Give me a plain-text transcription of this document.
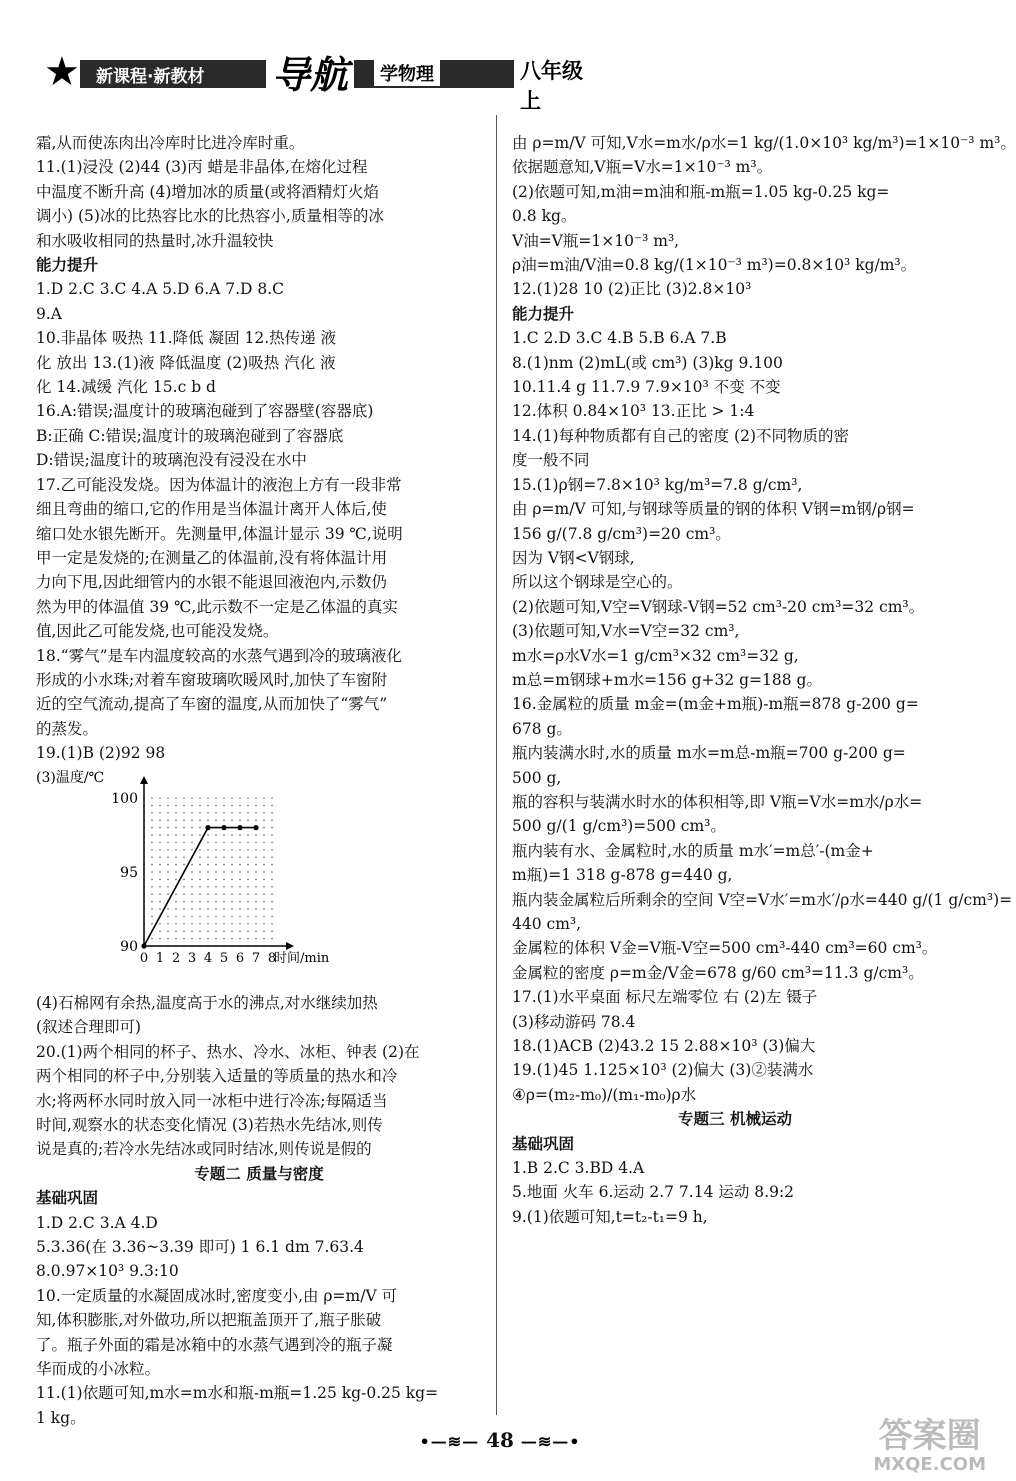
★ 新课程·新教材 导航	学物理	八年级上
霜,从而使冻肉出冷库时比进冷库时重。
11.(1)浸没 (2)44 (3)丙 蜡是非晶体,在熔化过程
中温度不断升高 (4)增加冰的质量(或将酒精灯火焰
调小) (5)冰的比热容比水的比热容小,质量相等的冰
和水吸收相同的热量时,冰升温较快
能力提升
1.D 2.C 3.C 4.A 5.D 6.A 7.D 8.C
9.A
10.非晶体 吸热 11.降低 凝固 12.热传递 液
化 放出 13.(1)液 降低温度 (2)吸热 汽化 液
化 14.减缓 汽化 15.c b d
16.A:错误;温度计的玻璃泡碰到了容器壁(容器底)
B:正确 C:错误;温度计的玻璃泡碰到了容器底
D:错误;温度计的玻璃泡没有浸没在水中
17.乙可能没发烧。因为体温计的液泡上方有一段非常
细且弯曲的缩口,它的作用是当体温计离开人体后,使
缩口处水银先断开。先测量甲,体温计显示 39 ℃,说明
甲一定是发烧的;在测量乙的体温前,没有将体温计用
力向下甩,因此细管内的水银不能退回液泡内,示数仍
然为甲的体温值 39 ℃,此示数不一定是乙体温的真实
值,因此乙可能发烧,也可能没发烧。
18.“雾气”是车内温度较高的水蒸气遇到冷的玻璃液化
形成的小水珠;对着车窗玻璃吹暖风时,加快了车窗附
近的空气流动,提高了车窗的温度,从而加快了“雾气”
的蒸发。
19.(1)B (2)92 98
(3)温度/℃
90
95
100
0 1 2 3 4 5 6 7 8
时间/min
(4)石棉网有余热,温度高于水的沸点,对水继续加热
(叙述合理即可)
20.(1)两个相同的杯子、热水、冷水、冰柜、钟表 (2)在
两个相同的杯子中,分别装入适量的等质量的热水和冷
水;将两杯水同时放入同一冰柜中进行冷冻;每隔适当
时间,观察水的状态变化情况 (3)若热水先结冰,则传
说是真的;若冷水先结冰或同时结冰,则传说是假的
专题二 质量与密度
基础巩固
1.D 2.C 3.A 4.D
5.3.36(在 3.36~3.39 即可) 1 6.1 dm 7.63.4
8.0.97×10³ 9.3:10
10.一定质量的水凝固成冰时,密度变小,由 ρ=m/V 可
知,体积膨胀,对外做功,所以把瓶盖顶开了,瓶子胀破
了。瓶子外面的霜是冰箱中的水蒸气遇到冷的瓶子凝
华而成的小冰粒。
11.(1)依题可知,m水=m水和瓶-m瓶=1.25 kg-0.25 kg=
1 kg。
由 ρ=m/V 可知,V水=m水/ρ水=1 kg/(1.0×10³ kg/m³)=1×10⁻³ m³。
依据题意知,V瓶=V水=1×10⁻³ m³。
(2)依题可知,m油=m油和瓶-m瓶=1.05 kg-0.25 kg=
0.8 kg。
V油=V瓶=1×10⁻³ m³,
ρ油=m油/V油=0.8 kg/(1×10⁻³ m³)=0.8×10³ kg/m³。
12.(1)28 10 (2)正比 (3)2.8×10³
能力提升
1.C 2.D 3.C 4.B 5.B 6.A 7.B
8.(1)nm (2)mL(或 cm³) (3)kg 9.100
10.11.4 g 11.7.9 7.9×10³ 不变 不变
12.体积 0.84×10³ 13.正比 > 1:4
14.(1)每种物质都有自己的密度 (2)不同物质的密
度一般不同
15.(1)ρ钢=7.8×10³ kg/m³=7.8 g/cm³,
由 ρ=m/V 可知,与钢球等质量的钢的体积 V钢=m钢/ρ钢=
156 g/(7.8 g/cm³)=20 cm³。
因为 V钢<V钢球,
所以这个钢球是空心的。
(2)依题可知,V空=V钢球-V钢=52 cm³-20 cm³=32 cm³。
(3)依题可知,V水=V空=32 cm³,
m水=ρ水V水=1 g/cm³×32 cm³=32 g,
m总=m钢球+m水=156 g+32 g=188 g。
16.金属粒的质量 m金=(m金+m瓶)-m瓶=878 g-200 g=
678 g。
瓶内装满水时,水的质量 m水=m总-m瓶=700 g-200 g=
500 g,
瓶的容积与装满水时水的体积相等,即 V瓶=V水=m水/ρ水=
500 g/(1 g/cm³)=500 cm³。
瓶内装有水、金属粒时,水的质量 m水′=m总′-(m金+
m瓶)=1 318 g-878 g=440 g,
瓶内装金属粒后所剩余的空间 V空=V水′=m水′/ρ水=440 g/(1 g/cm³)=
440 cm³,
金属粒的体积 V金=V瓶-V空=500 cm³-440 cm³=60 cm³。
金属粒的密度 ρ=m金/V金=678 g/60 cm³=11.3 g/cm³。
17.(1)水平桌面 标尺左端零位 右 (2)左 镊子
(3)移动游码 78.4
18.(1)ACB (2)43.2 15 2.88×10³ (3)偏大
19.(1)45 1.125×10³ (2)偏大 (3)②装满水
④ρ=(m₂-m₀)/(m₁-m₀)ρ水
专题三 机械运动
基础巩固
1.B 2.C 3.BD 4.A
5.地面 火车 6.运动 2.7 7.14 运动 8.9:2
9.(1)依题可知,t=t₂-t₁=9 h,
•—≋— 48 —≋—•	答案圈
MXQE.COM
